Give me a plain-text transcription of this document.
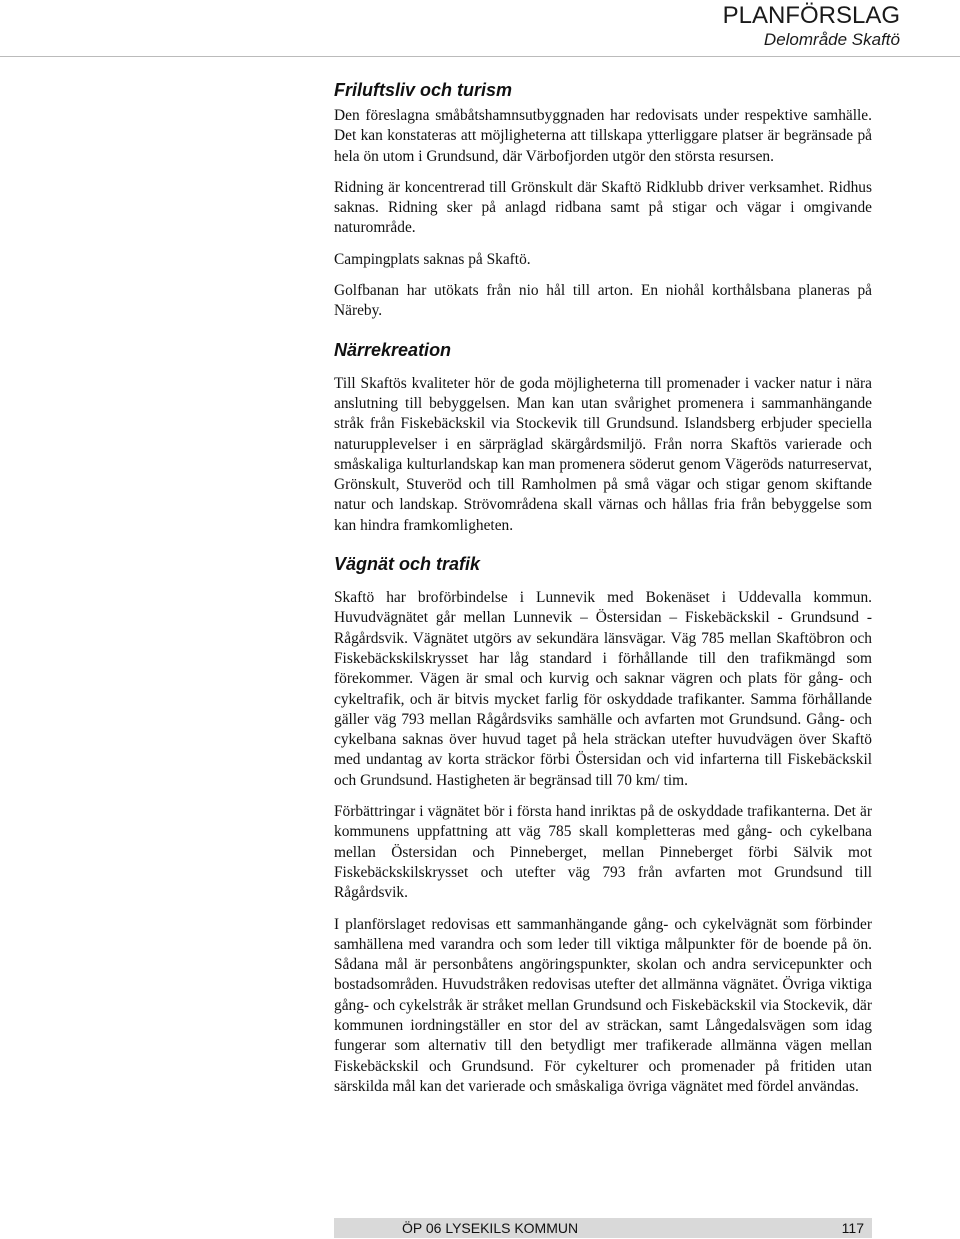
PLANFÖRSLAG
Delområde Skaftö
Friluftsliv och turism

Den föreslagna småbåtshamnsutbyggnaden har redovisats under respektive samhälle. Det kan konstateras att möjligheterna att tillskapa ytterliggare platser är begränsade på hela ön utom i Grundsund, där Värbofjorden utgör den största resursen.

Ridning är koncentrerad till Grönskult där Skaftö Ridklubb driver verksamhet. Ridhus saknas. Ridning sker på anlagd ridbana samt på stigar och vägar i omgivande naturområde.

Campingplats saknas på Skaftö.

Golfbanan har utökats från nio hål till arton. En niohål korthålsbana planeras på Näreby.

Närrekreation

Till Skaftös kvaliteter hör de goda möjligheterna till promenader i vacker natur i nära anslutning till bebyggelsen. Man kan utan svårighet promenera i sammanhängande stråk från Fiskebäckskil via Stockevik till Grundsund. Islandsberg erbjuder speciella naturupplevelser i en särpräglad skärgårdsmiljö. Från norra Skaftös varierade och småskaliga kulturlandskap kan man promenera söderut genom Vägeröds naturreservat, Grönskult, Stuveröd och till Ramholmen på små vägar och stigar genom skiftande natur och landskap. Strövområdena skall värnas och hållas fria från bebyggelse som kan hindra framkomligheten.

Vägnät och trafik

Skaftö har broförbindelse i Lunnevik med Bokenäset i Uddevalla kommun. Huvudvägnätet går mellan Lunnevik – Östersidan – Fiskebäckskil - Grundsund - Rågårdsvik. Vägnätet utgörs av sekundära länsvägar. Väg 785 mellan Skaftöbron och Fiskebäckskilskrysset har låg standard i förhållande till den trafikmängd som förekommer. Vägen är smal och kurvig och saknar vägren och plats för gång- och cykeltrafik, och är bitvis mycket farlig för oskyddade trafikanter. Samma förhållande gäller väg 793 mellan Rågårdsviks samhälle och avfarten mot Grundsund. Gång- och cykelbana saknas över huvud taget på hela sträckan utefter huvudvägen över Skaftö med undantag av korta sträckor förbi Östersidan och vid infarterna till Fiskebäckskil och Grundsund. Hastigheten är begränsad till 70 km/ tim.

Förbättringar i vägnätet bör i första hand inriktas på de oskyddade trafikanterna. Det är kommunens uppfattning att väg 785 skall kompletteras med gång- och cykelbana mellan Östersidan och Pinneberget, mellan Pinneberget förbi Sälvik mot Fiskebäckskilskrysset och utefter väg 793 från avfarten mot Grundsund till Rågårdsvik.

I planförslaget redovisas ett sammanhängande gång- och cykelvägnät som förbinder samhällena med varandra och som leder till viktiga målpunkter för de boende på ön. Sådana mål är personbåtens angöringspunkter, skolan och andra servicepunkter och bostadsområden. Huvudstråken redovisas utefter det allmänna vägnätet. Övriga viktiga gång- och cykelstråk är stråket mellan Grundsund och Fiskebäckskil via Stockevik, där kommunen iordningställer en stor del av sträckan, samt Långedalsvägen som idag fungerar som alternativ till den betydligt mer trafikerade allmänna vägen mellan Fiskebäckskil och Grundsund. För cykelturer och promenader på fritiden utan särskilda mål kan det varierade och småskaliga övriga vägnätet med fördel användas.

ÖP 06 LYSEKILS KOMMUN	117
